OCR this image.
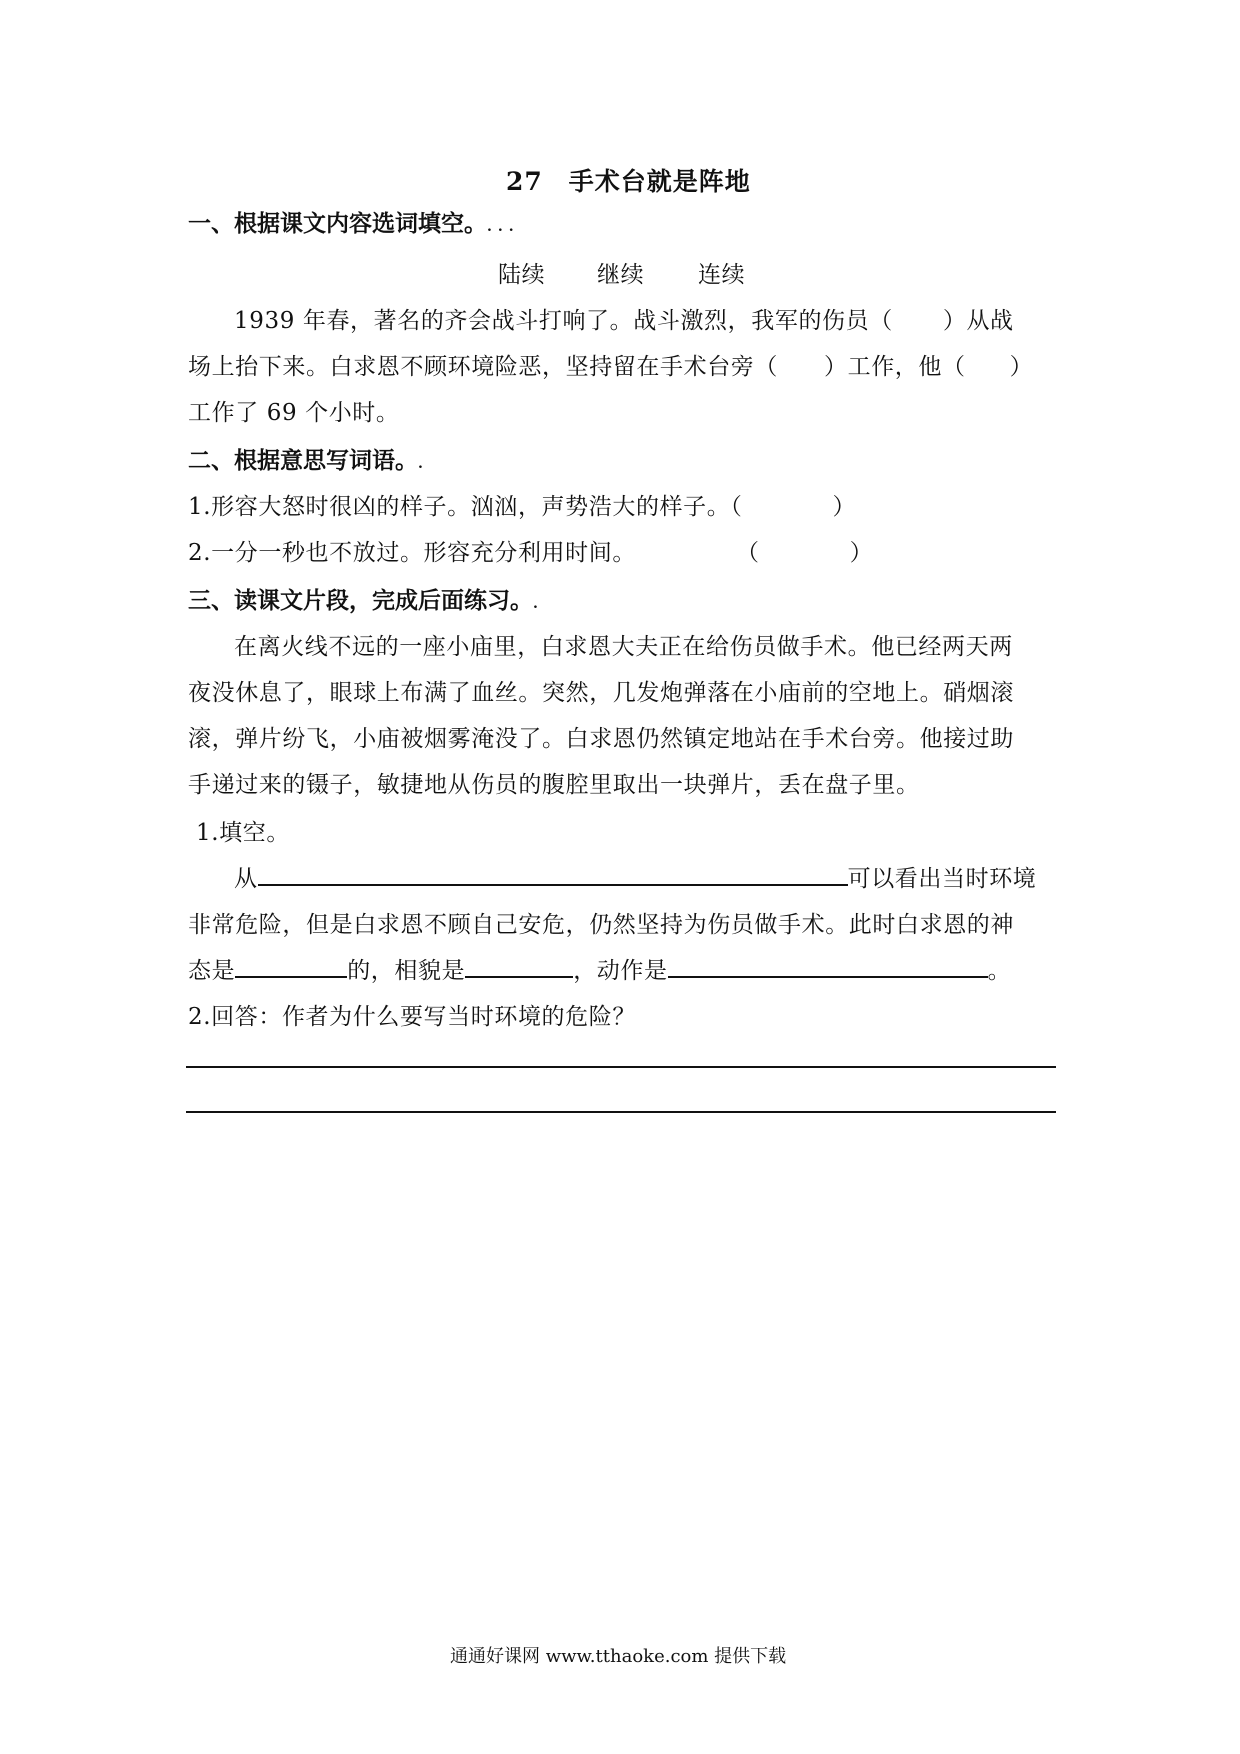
27　手术台就是阵地
一、根据课文内容选词填空。...
陆续 继续 连续
1939 年春，著名的齐会战斗打响了。战斗激烈，我军的伤员（ ）从战
场上抬下来。白求恩不顾环境险恶，坚持留在手术台旁（ ）工作，他（ ）
工作了 69 个小时。
二、根据意思写词语。.
1.形容大怒时很凶的样子。汹汹，声势浩大的样子。（	）
2.一分一秒也不放过。形容充分利用时间。	（	）
三、读课文片段，完成后面练习。.
在离火线不远的一座小庙里，白求恩大夫正在给伤员做手术。他已经两天两
夜没休息了，眼球上布满了血丝。突然，几发炮弹落在小庙前的空地上。硝烟滚
滚，弹片纷飞，小庙被烟雾淹没了。白求恩仍然镇定地站在手术台旁。他接过助
手递过来的镊子，敏捷地从伤员的腹腔里取出一块弹片，丢在盘子里。
1.填空。
从	可以看出当时环境
非常危险，但是白求恩不顾自己安危，仍然坚持为伤员做手术。此时白求恩的神
态是	的，相貌是	，动作是	。
2.回答：作者为什么要写当时环境的危险？
通通好课网 www.tthaoke.com 提供下载
